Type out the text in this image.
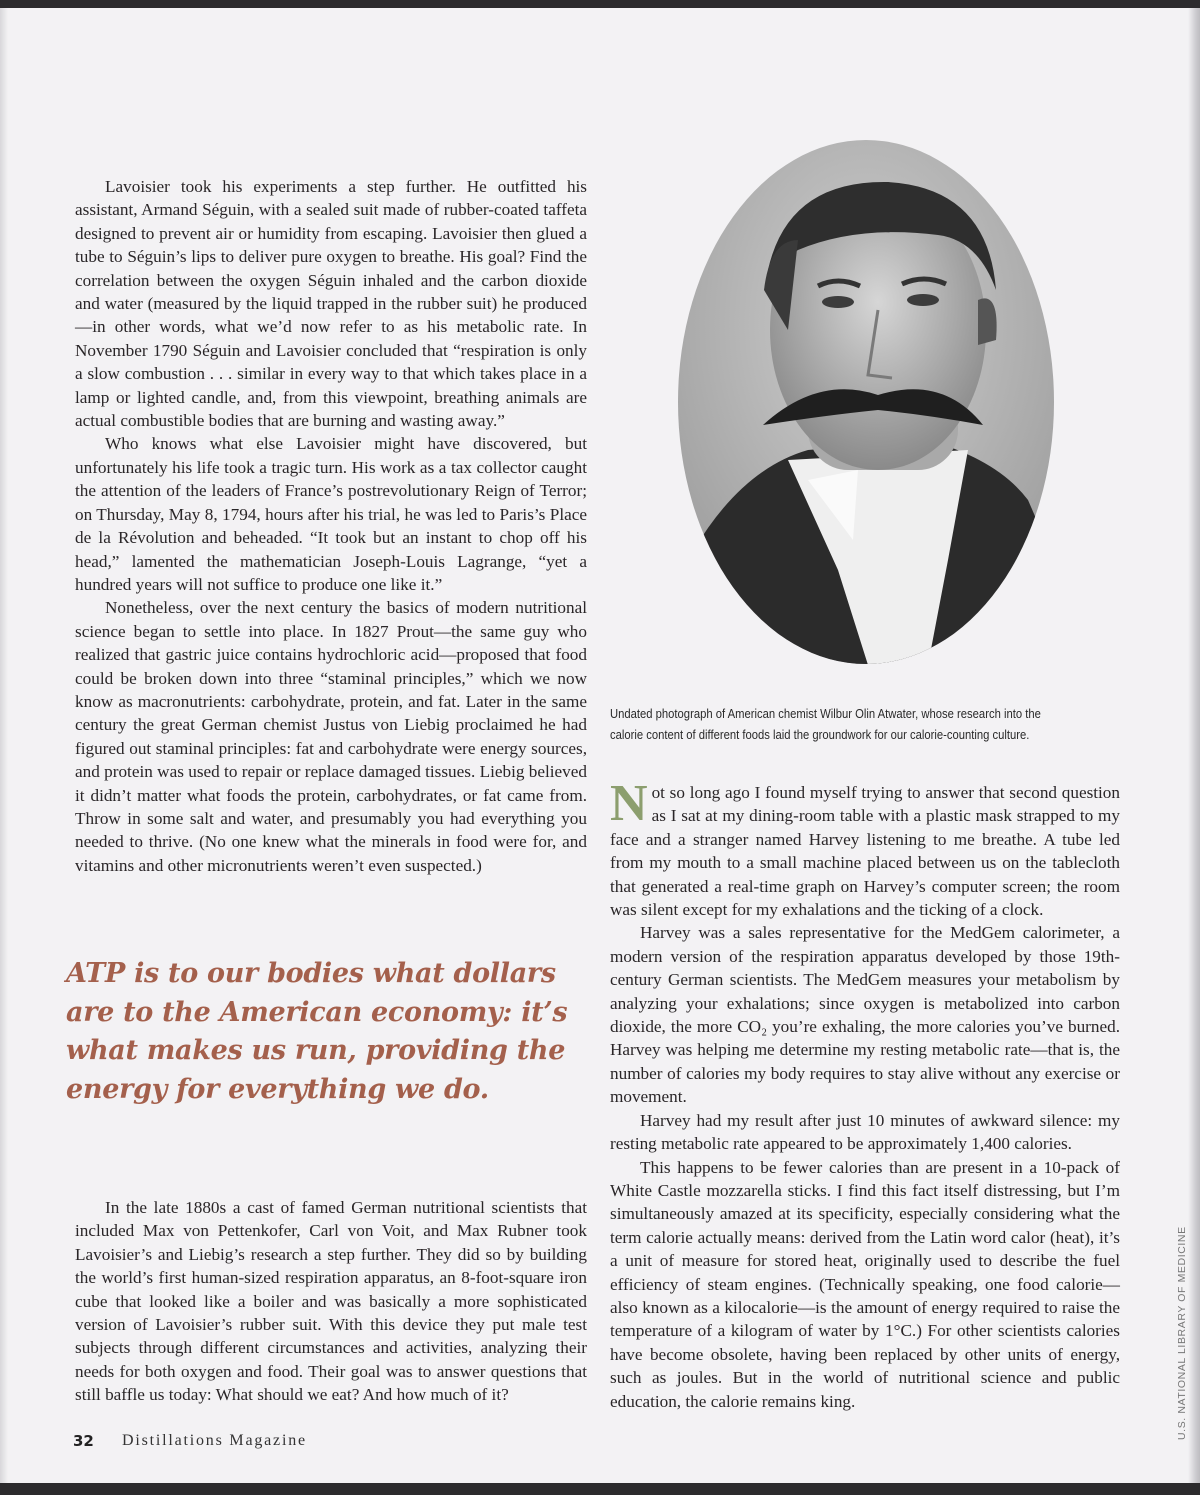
Lavoisier took his experiments a step further. He outfitted his assistant, Armand Séguin, with a sealed suit made of rubber-coated taffeta designed to prevent air or humidity from escaping. Lavoisier then glued a tube to Séguin’s lips to deliver pure oxygen to breathe. His goal? Find the correlation between the oxygen Séguin inhaled and the carbon dioxide and water (measured by the liquid trapped in the rubber suit) he produced—in other words, what we’d now refer to as his metabolic rate. In November 1790 Séguin and Lavoisier concluded that “respiration is only a slow combustion . . . similar in every way to that which takes place in a lamp or lighted candle, and, from this viewpoint, breathing animals are actual combustible bodies that are burning and wasting away.”

Who knows what else Lavoisier might have discovered, but unfortunately his life took a tragic turn. His work as a tax collector caught the attention of the leaders of France’s postrevolutionary Reign of Terror; on Thursday, May 8, 1794, hours after his trial, he was led to Paris’s Place de la Révolution and beheaded. “It took but an instant to chop off his head,” lamented the mathematician Joseph-Louis Lagrange, “yet a hundred years will not suffice to produce one like it.”

Nonetheless, over the next century the basics of modern nutritional science began to settle into place. In 1827 Prout—the same guy who realized that gastric juice contains hydrochloric acid—proposed that food could be broken down into three “staminal principles,” which we now know as macronutrients: carbohydrate, protein, and fat. Later in the same century the great German chemist Justus von Liebig proclaimed he had figured out staminal principles: fat and carbohydrate were energy sources, and protein was used to repair or replace damaged tissues. Liebig believed it didn’t matter what foods the protein, carbohydrates, or fat came from. Throw in some salt and water, and presumably you had everything you needed to thrive. (No one knew what the minerals in food were for, and vitamins and other micronutrients weren’t even suspected.)

ATP is to our bodies what dollars are to the American economy: it’s what makes us run, providing the energy for everything we do.

In the late 1880s a cast of famed German nutritional scientists that included Max von Pettenkofer, Carl von Voit, and Max Rubner took Lavoisier’s and Liebig’s research a step further. They did so by building the world’s first human-sized respiration apparatus, an 8-foot-square iron cube that looked like a boiler and was basically a more sophisticated version of Lavoisier’s rubber suit. With this device they put male test subjects through different circumstances and activities, analyzing their needs for both oxygen and food. Their goal was to answer questions that still baffle us today: What should we eat? And how much of it?

Undated photograph of American chemist Wilbur Olin Atwater, whose research into the calorie content of different foods laid the groundwork for our calorie-counting culture.

Not so long ago I found myself trying to answer that second question as I sat at my dining-room table with a plastic mask strapped to my face and a stranger named Harvey listening to me breathe. A tube led from my mouth to a small machine placed between us on the tablecloth that generated a real-time graph on Harvey’s computer screen; the room was silent except for my exhalations and the ticking of a clock.

Harvey was a sales representative for the MedGem calorimeter, a modern version of the respiration apparatus developed by those 19th-century German scientists. The MedGem measures your metabolism by analyzing your exhalations; since oxygen is metabolized into carbon dioxide, the more CO₂ you’re exhaling, the more calories you’ve burned. Harvey was helping me determine my resting metabolic rate—that is, the number of calories my body requires to stay alive without any exercise or movement.

Harvey had my result after just 10 minutes of awkward silence: my resting metabolic rate appeared to be approximately 1,400 calories.

This happens to be fewer calories than are present in a 10-pack of White Castle mozzarella sticks. I find this fact itself distressing, but I’m simultaneously amazed at its specificity, especially considering what the term calorie actually means: derived from the Latin word calor (heat), it’s a unit of measure for stored heat, originally used to describe the fuel efficiency of steam engines. (Technically speaking, one food calorie—also known as a kilocalorie—is the amount of energy required to raise the temperature of a kilogram of water by 1°C.) For other scientists calories have become obsolete, having been replaced by other units of energy, such as joules. But in the world of nutritional science and public education, the calorie remains king.

32 Distillations Magazine
U.S. NATIONAL LIBRARY OF MEDICINE
